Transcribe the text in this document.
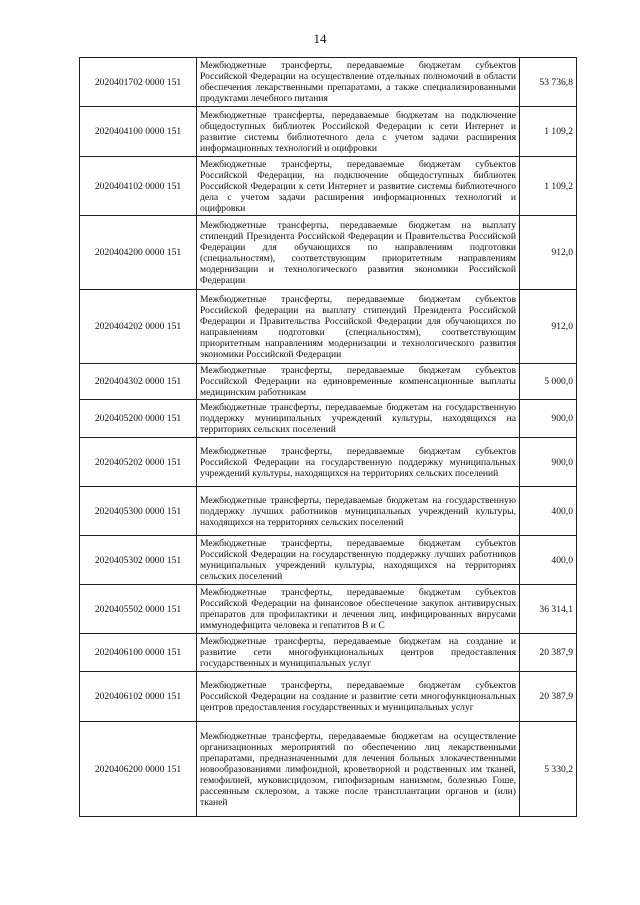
14
2020401702 0000 151	Межбюджетные трансферты, передаваемые бюджетам субъектов Российской Федерации на осуществление отдельных полномочий в области обеспечения лекарственными препаратами, а также специализированными продуктами лечебного питания	53 736,8
2020404100 0000 151	Межбюджетные трансферты, передаваемые бюджетам на подключение общедоступных библиотек Российской Федерации к сети Интернет и развитие системы библиотечного дела с учетом задачи расширения информационных технологий и оцифровки	1 109,2
2020404102 0000 151	Межбюджетные трансферты, передаваемые бюджетам субъектов Российской Федерации, на подключение общедоступных библиотек Российской Федерации к сети Интернет и развитие системы библиотечного дела с учетом задачи расширения информационных технологий и оцифровки	1 109,2
2020404200 0000 151	Межбюджетные трансферты, передаваемые бюджетам на выплату стипендий Президента Российской Федерации и Правительства Российской Федерации для обучающихся по направлениям подготовки (специальностям), соответствующим приоритетным направлениям модернизации и технологического развития экономики Российской Федерации	912,0
2020404202 0000 151	Межбюджетные трансферты, передаваемые бюджетам субъектов Российской федерации на выплату стипендий Президента Российской Федерации и Правительства Российской Федерации для обучающихся по направлениям подготовки (специальностям), соответствующим приоритетным направлениям модернизации и технологического развития экономики Российской Федерации	912,0
2020404302 0000 151	Межбюджетные трансферты, передаваемые бюджетам субъектов Российской Федерации на единовременные компенсационные выплаты медицинским работникам	5 000,0
2020405200 0000 151	Межбюджетные трансферты, передаваемые бюджетам на государственную поддержку муниципальных учреждений культуры, находящихся на территориях сельских поселений	900,0
2020405202 0000 151	Межбюджетные трансферты, передаваемые бюджетам субъектов Российской Федерации на государственную поддержку муниципальных учреждений культуры, находящихся на территориях сельских поселений	900,0
2020405300 0000 151	Межбюджетные трансферты, передаваемые бюджетам на государственную поддержку лучших работников муниципальных учреждений культуры, находящихся на территориях сельских поселений	400,0
2020405302 0000 151	Межбюджетные трансферты, передаваемые бюджетам субъектов Российской Федерации на государственную поддержку лучших работников муниципальных учреждений культуры, находящихся на территориях сельских поселений	400,0
2020405502 0000 151	Межбюджетные трансферты, передаваемые бюджетам субъектов Российской Федерации на финансовое обеспечение закупок антивирусных препаратов для профилактики и лечения лиц, инфицированных вирусами иммунодефицита человека и гепатитов В и С	36 314,1
2020406100 0000 151	Межбюджетные трансферты, передаваемые бюджетам на создание и развитие сети многофункциональных центров предоставления государственных и муниципальных услуг	20 387,9
2020406102 0000 151	Межбюджетные трансферты, передаваемые бюджетам субъектов Российской Федерации на создание и развитие сети многофункциональных центров предоставления государственных и муниципальных услуг	20 387,9
2020406200 0000 151	Межбюджетные трансферты, передаваемые бюджетам на осуществление организационных мероприятий по обеспечению лиц лекарственными препаратами, предназначенными для лечения больных злокачественными новообразованиями лимфоидной, кроветворной и родственных им тканей, гемофилией, муковисцидозом, гипофизарным нанизмом, болезнью Гоше, рассеянным склерозом, а также после трансплантации органов и (или) тканей	5 330,2
